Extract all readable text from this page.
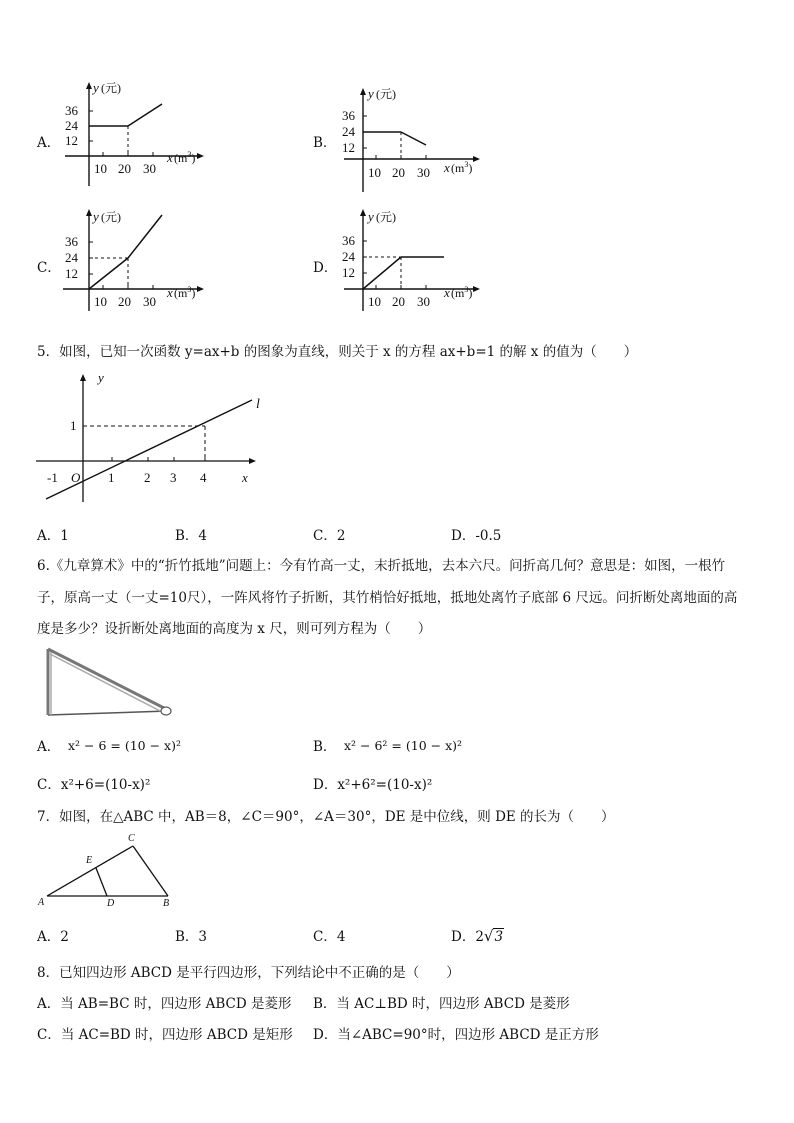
A．	B．
C．	D．
36
24
12
10 20 30
y (元)
x $(m^3)$
36
24
12
10 20 30
y (元)
x $(m^3)$
36
24
12
10 20 30
y (元)
x $(m^3)$
36
24
12
10 20 30
y (元)
x $(m^3)$
5．如图，已知一次函数 y=ax+b 的图象为直线，则关于 x 的方程 ax+b=1 的解 x 的值为（　　）
y
x
l
1
-1 O 1 2 3 4
A．1	B．4	C．2	D．-0.5
6.《九章算术》中的“折竹抵地”问题上：今有竹高一丈，末折抵地，去本六尺。问折高几何？意思是：如图，一根竹
子，原高一丈（一丈=10尺），一阵风将竹子折断，其竹梢恰好抵地，抵地处离竹子底部 6 尺远。问折断处离地面的高
度是多少？设折断处离地面的高度为 x 尺，则可列方程为（　　）
A． x² − 6 = (10 − x)²	B． x² − 6² = (10 − x)²
C．x²+6=(10-x)²	D．x²+6²=(10-x)²
7．如图，在△ABC 中，AB＝8，∠C＝90°，∠A＝30°，DE 是中位线，则 DE 的长为（　　）
A	B
C
D
E
A．2	B．3	C．4	D．2√3
8．已知四边形 ABCD 是平行四边形，下列结论中不正确的是（　　）
A．当 AB=BC 时，四边形 ABCD 是菱形 B．当 AC⊥BD 时，四边形 ABCD 是菱形
C．当 AC=BD 时，四边形 ABCD 是矩形 D．当∠ABC=90°时，四边形 ABCD 是正方形
